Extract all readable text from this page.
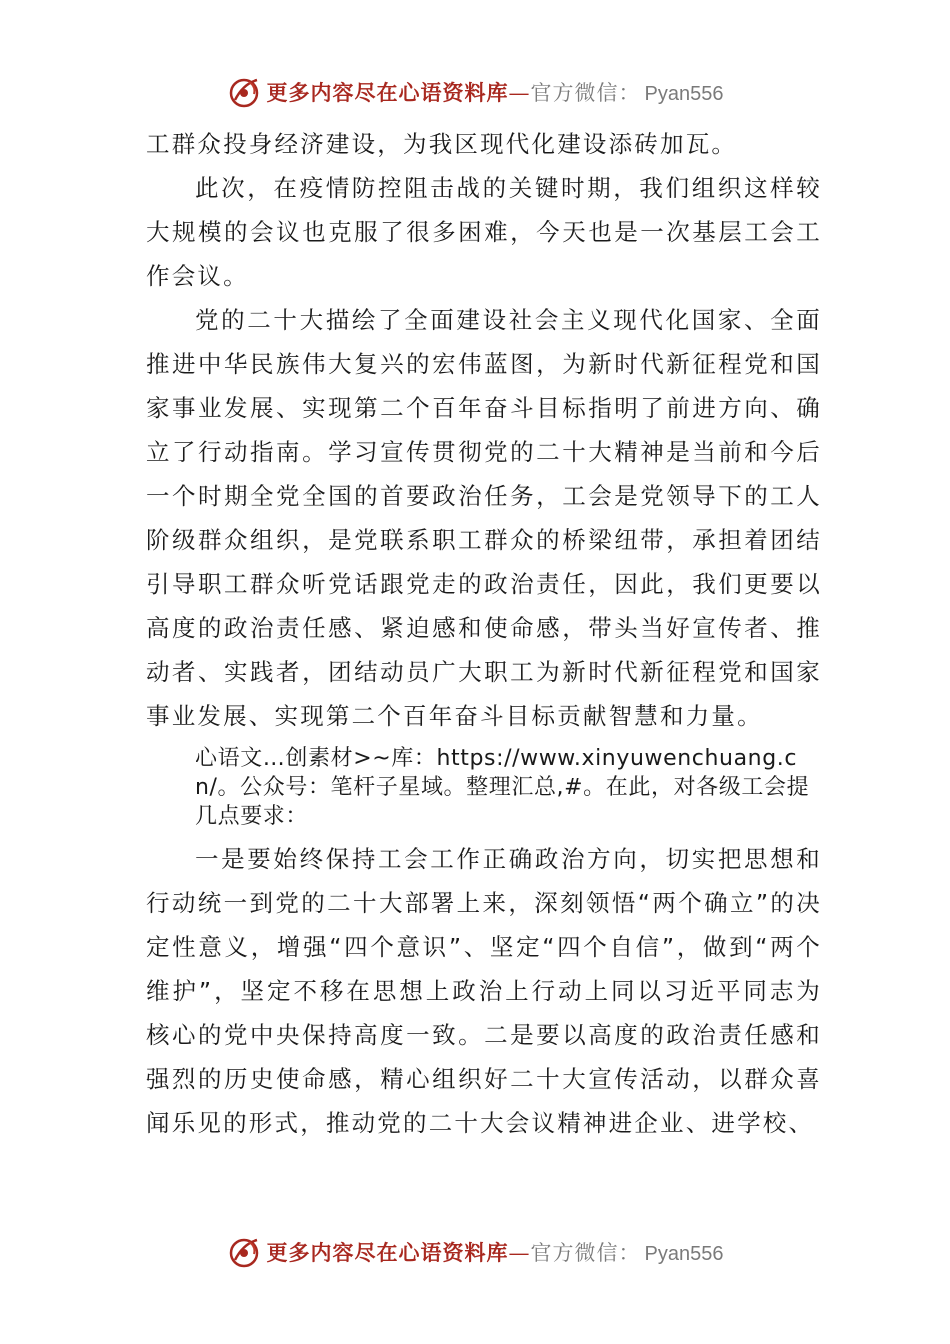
更多内容尽在心语资料库—官方微信： Pyan556

工群众投身经济建设，为我区现代化建设添砖加瓦。

此次，在疫情防控阻击战的关键时期，我们组织这样较大规模的会议也克服了很多困难，今天也是一次基层工会工作会议。

党的二十大描绘了全面建设社会主义现代化国家、全面推进中华民族伟大复兴的宏伟蓝图，为新时代新征程党和国家事业发展、实现第二个百年奋斗目标指明了前进方向、确立了行动指南。学习宣传贯彻党的二十大精神是当前和今后一个时期全党全国的首要政治任务，工会是党领导下的工人阶级群众组织，是党联系职工群众的桥梁纽带，承担着团结引导职工群众听党话跟党走的政治责任，因此，我们更要以高度的政治责任感、紧迫感和使命感，带头当好宣传者、推动者、实践者，团结动员广大职工为新时代新征程党和国家事业发展、实现第二个百年奋斗目标贡献智慧和力量。

心语文…创素材>~库：https://www.xinyuwenchuang.cn/。公众号：笔杆子星域。整理汇总,#。在此，对各级工会提几点要求：

一是要始终保持工会工作正确政治方向，切实把思想和行动统一到党的二十大部署上来，深刻领悟“两个确立”的决定性意义，增强“四个意识”、坚定“四个自信”，做到“两个维护”，坚定不移在思想上政治上行动上同以习近平同志为核心的党中央保持高度一致。二是要以高度的政治责任感和强烈的历史使命感，精心组织好二十大宣传活动，以群众喜闻乐见的形式，推动党的二十大会议精神进企业、进学校、

更多内容尽在心语资料库—官方微信： Pyan556
